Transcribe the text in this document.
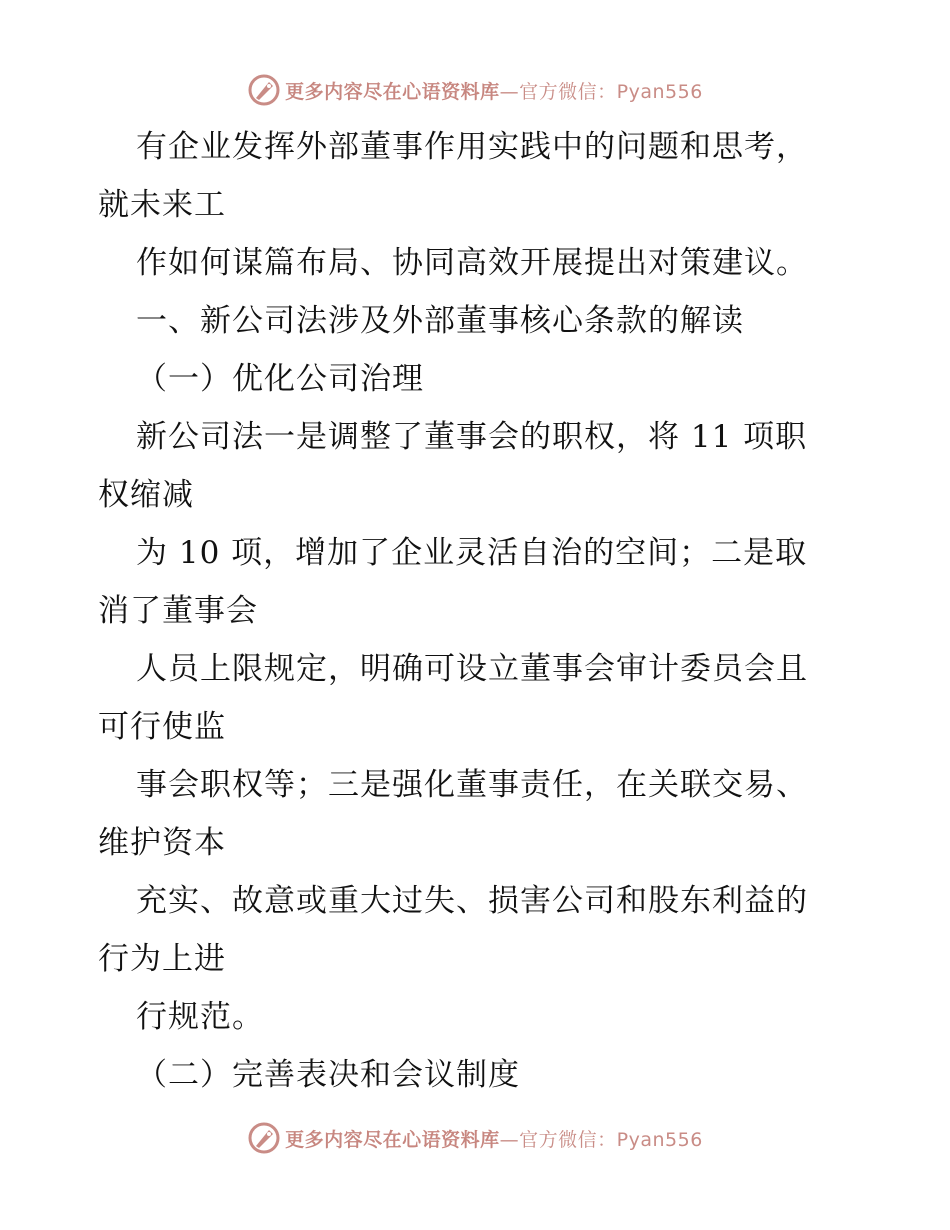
更多内容尽在心语资料库—官方微信：Pyan556
有企业发挥外部董事作用实践中的问题和思考，
就未来工
作如何谋篇布局、协同高效开展提出对策建议。
一、新公司法涉及外部董事核心条款的解读
（一）优化公司治理
新公司法一是调整了董事会的职权，将 11 项职
权缩减
为 10 项，增加了企业灵活自治的空间；二是取
消了董事会
人员上限规定，明确可设立董事会审计委员会且
可行使监
事会职权等；三是强化董事责任，在关联交易、
维护资本
充实、故意或重大过失、损害公司和股东利益的
行为上进
行规范。
（二）完善表决和会议制度
更多内容尽在心语资料库—官方微信：Pyan556
